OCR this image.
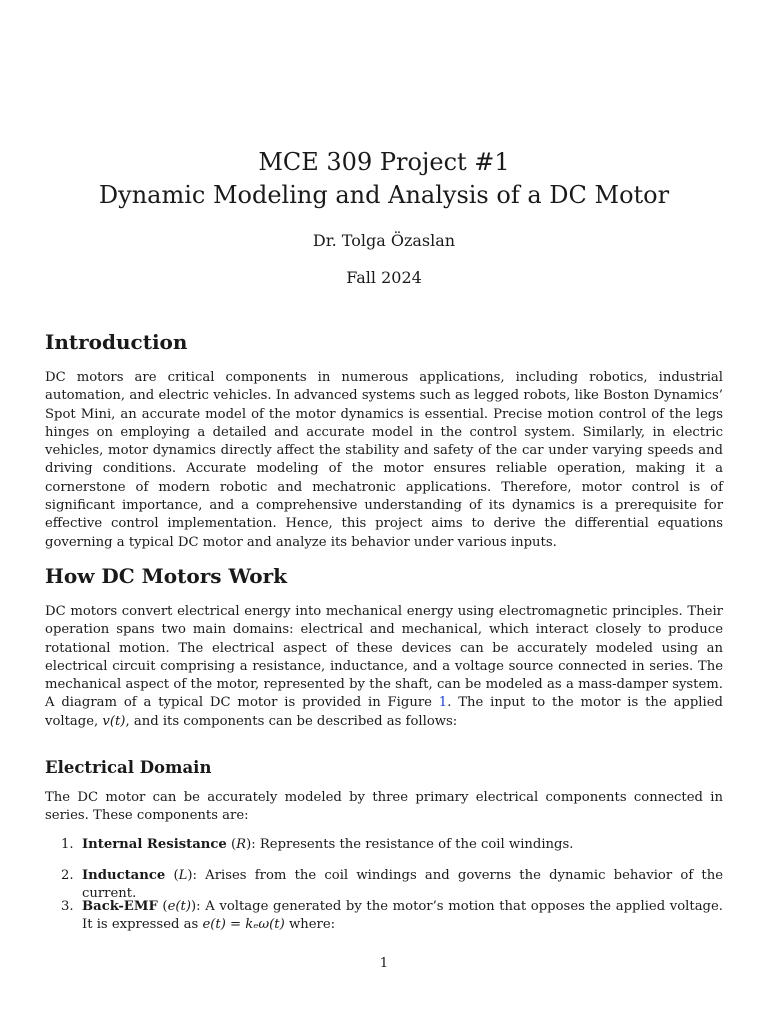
MCE 309 Project #1
Dynamic Modeling and Analysis of a DC Motor
Dr. Tolga Özaslan
Fall 2024
Introduction

DC motors are critical components in numerous applications, including robotics, industrial automation, and electric vehicles. In advanced systems such as legged robots, like Boston Dynamics’ Spot Mini, an accurate model of the motor dynamics is essential. Precise motion control of the legs hinges on employing a detailed and accurate model in the control system. Similarly, in electric vehicles, motor dynamics directly affect the stability and safety of the car under varying speeds and driving conditions. Accurate modeling of the motor ensures reliable operation, making it a cornerstone of modern robotic and mechatronic applications. Therefore, motor control is of significant importance, and a comprehensive understanding of its dynamics is a prerequisite for effective control implementation. Hence, this project aims to derive the differential equations governing a typical DC motor and analyze its behavior under various inputs.

How DC Motors Work

DC motors convert electrical energy into mechanical energy using electromagnetic principles. Their operation spans two main domains: electrical and mechanical, which interact closely to produce rotational motion. The electrical aspect of these devices can be accurately modeled using an electrical circuit comprising a resistance, inductance, and a voltage source connected in series. The mechanical aspect of the motor, represented by the shaft, can be modeled as a mass-damper system. A diagram of a typical DC motor is provided in Figure 1. The input to the motor is the applied voltage, v(t), and its components can be described as follows:

Electrical Domain

The DC motor can be accurately modeled by three primary electrical components connected in series. These components are:

1. Internal Resistance (R): Represents the resistance of the coil windings.
2. Inductance (L): Arises from the coil windings and governs the dynamic behavior of the current.
3. Back-EMF (e(t)): A voltage generated by the motor’s motion that opposes the applied voltage. It is expressed as e(t) = kₑω(t) where:
1
